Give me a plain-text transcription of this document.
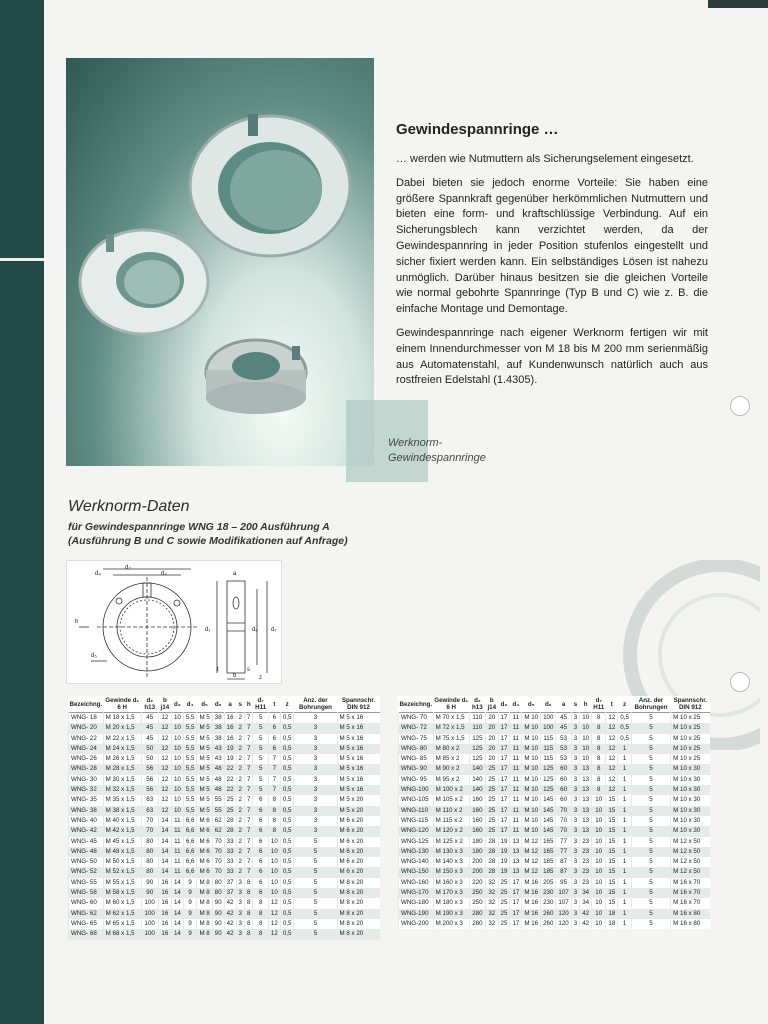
Werknorm-
Gewindespannringe
Gewindespannringe …

… werden wie Nutmuttern als Sicherungselement eingesetzt.

Dabei bieten sie jedoch enorme Vorteile: Sie haben eine größere Spannkraft gegenüber herkömmlichen Nutmuttern und bieten eine form- und kraftschlüssige Verbindung. Auf ein Sicherungsblech kann verzichtet werden, da der Gewindespannring in jeder Position stufenlos eingestellt und sicher fixiert werden kann. Ein selbständiges Lösen ist nahezu unmöglich. Darüber hinaus besitzen sie die gleichen Vorteile wie normal gebohrte Spannringe (Typ B und C) wie z. B. die einfache Montage und Demontage.

Gewindespannringe nach eigener Werknorm fertigen wir mit einem Innendurchmesser von M 18 bis M 200 mm serienmäßig aus Automatenstahl, auf Kundenwunsch natürlich auch aus rostfreien Edelstahl (1.4305).

Werknorm-Daten
für Gewindespannringe WNG 18 – 200 Ausführung A
(Ausführung B und C sowie Modifikationen auf Anfrage)
d₂
d₄	d₃
h
d₅
d₁	d₆ d₇
a
b
s
t
z
Bezeichng.	Gewinde d₁ 6 H	d₂ h13	b j14	d₃	d₄	d₅	d₆	a	s	h	d₇ H11	t	z	Anz. der Bohrungen	Spannschr. DIN 912
WNG- 18	M 18 x 1,5	45	12	10	5,5	M 5	38	16	2	7	5	6	0,5	3	M 5 x 16
WNG- 20	M 20 x 1,5	45	12	10	5,5	M 5	38	16	2	7	5	6	0,5	3	M 5 x 16
WNG- 22	M 22 x 1,5	45	12	10	5,5	M 5	38	16	2	7	5	6	0,5	3	M 5 x 16
WNG- 24	M 24 x 1,5	50	12	10	5,5	M 5	43	19	2	7	5	6	0,5	3	M 5 x 16
WNG- 26	M 26 x 1,5	50	12	10	5,5	M 5	43	19	2	7	5	7	0,5	3	M 5 x 16
WNG- 28	M 28 x 1,5	56	12	10	5,5	M 5	48	22	2	7	5	7	0,5	3	M 5 x 16
WNG- 30	M 30 x 1,5	56	12	10	5,5	M 5	48	22	2	7	5	7	0,5	3	M 5 x 16
WNG- 32	M 32 x 1,5	56	12	10	5,5	M 5	48	22	2	7	5	7	0,5	3	M 5 x 16
WNG- 35	M 35 x 1,5	63	12	10	5,5	M 5	55	25	2	7	6	8	0,5	3	M 5 x 20
WNG- 38	M 38 x 1,5	63	12	10	5,5	M 5	55	25	2	7	6	8	0,5	3	M 5 x 20
WNG- 40	M 40 x 1,5	70	14	11	6,6	M 6	62	28	2	7	6	8	0,5	3	M 6 x 20
WNG- 42	M 42 x 1,5	70	14	11	6,6	M 6	62	28	2	7	6	8	0,5	3	M 6 x 20
WNG- 45	M 45 x 1,5	80	14	11	6,6	M 6	70	33	2	7	6	10	0,5	5	M 6 x 20
WNG- 48	M 48 x 1,5	80	14	11	6,6	M 6	70	33	2	7	6	10	0,5	5	M 6 x 20
WNG- 50	M 50 x 1,5	80	14	11	6,6	M 6	70	33	2	7	6	10	0,5	5	M 6 x 20
WNG- 52	M 52 x 1,5	80	14	11	6,6	M 6	70	33	2	7	6	10	0,5	5	M 6 x 20
WNG- 55	M 55 x 1,5	90	16	14	9	M 8	80	37	3	8	6	10	0,5	5	M 8 x 20
WNG- 58	M 58 x 1,5	90	16	14	9	M 8	80	37	3	8	6	10	0,5	5	M 8 x 20
WNG- 60	M 60 x 1,5	100	16	14	9	M 8	90	42	3	8	8	12	0,5	5	M 8 x 20
WNG- 62	M 62 x 1,5	100	16	14	9	M 8	90	42	3	8	8	12	0,5	5	M 8 x 20
WNG- 65	M 65 x 1,5	100	16	14	9	M 8	90	42	3	8	8	12	0,5	5	M 8 x 20
WNG- 68	M 68 x 1,5	100	16	14	9	M 8	90	42	3	8	8	12	0,5	5	M 8 x 20
Bezeichng.	Gewinde d₁ 6 H	d₂ h13	b j14	d₃	d₄	d₅	d₆	a	s	h	d₇ H11	t	z	Anz. der Bohrungen	Spannschr. DIN 912
WNG- 70	M 70 x 1,5	110	20	17	11	M 10	100	45	3	10	8	12	0,5	5	M 10 x 25
WNG- 72	M 72 x 1,5	110	20	17	11	M 10	100	45	3	10	8	12	0,5	5	M 10 x 25
WNG- 75	M 75 x 1,5	125	20	17	11	M 10	115	53	3	10	8	12	0,5	5	M 10 x 25
WNG- 80	M 80 x 2	125	20	17	11	M 10	115	53	3	10	8	12	1	5	M 10 x 25
WNG- 85	M 85 x 2	125	20	17	11	M 10	115	53	3	10	8	12	1	5	M 10 x 25
WNG- 90	M 90 x 2	140	25	17	11	M 10	125	60	3	13	8	12	1	5	M 10 x 30
WNG- 95	M 95 x 2	140	25	17	11	M 10	125	60	3	13	8	12	1	5	M 10 x 30
WNG-100	M 100 x 2	140	25	17	11	M 10	125	60	3	13	8	12	1	5	M 10 x 30
WNG-105	M 105 x 2	160	25	17	11	M 10	145	60	3	13	10	15	1	5	M 10 x 30
WNG-110	M 110 x 2	160	25	17	11	M 10	145	70	3	13	10	15	1	5	M 10 x 30
WNG-115	M 115 x 2	160	25	17	11	M 10	145	70	3	13	10	15	1	5	M 10 x 30
WNG-120	M 120 x 2	160	25	17	11	M 10	145	70	3	13	10	15	1	5	M 10 x 30
WNG-125	M 125 x 2	180	28	19	13	M 12	165	77	3	23	10	15	1	5	M 12 x 50
WNG-130	M 130 x 3	180	28	19	13	M 12	165	77	3	23	10	15	1	5	M 12 x 50
WNG-140	M 140 x 3	200	28	19	13	M 12	185	87	3	23	10	15	1	5	M 12 x 50
WNG-150	M 150 x 3	200	28	19	13	M 12	185	87	3	23	10	15	1	5	M 12 x 50
WNG-160	M 160 x 3	220	32	25	17	M 16	205	95	3	23	10	15	1	5	M 16 x 70
WNG-170	M 170 x 3	250	32	25	17	M 16	230	107	3	34	10	15	1	5	M 16 x 70
WNG-180	M 180 x 3	250	32	25	17	M 16	230	107	3	34	10	15	1	5	M 16 x 70
WNG-190	M 190 x 3	280	32	25	17	M 16	260	120	3	42	10	18	1	5	M 16 x 80
WNG-200	M 200 x 3	280	32	25	17	M 16	260	120	3	42	10	18	1	5	M 16 x 80
